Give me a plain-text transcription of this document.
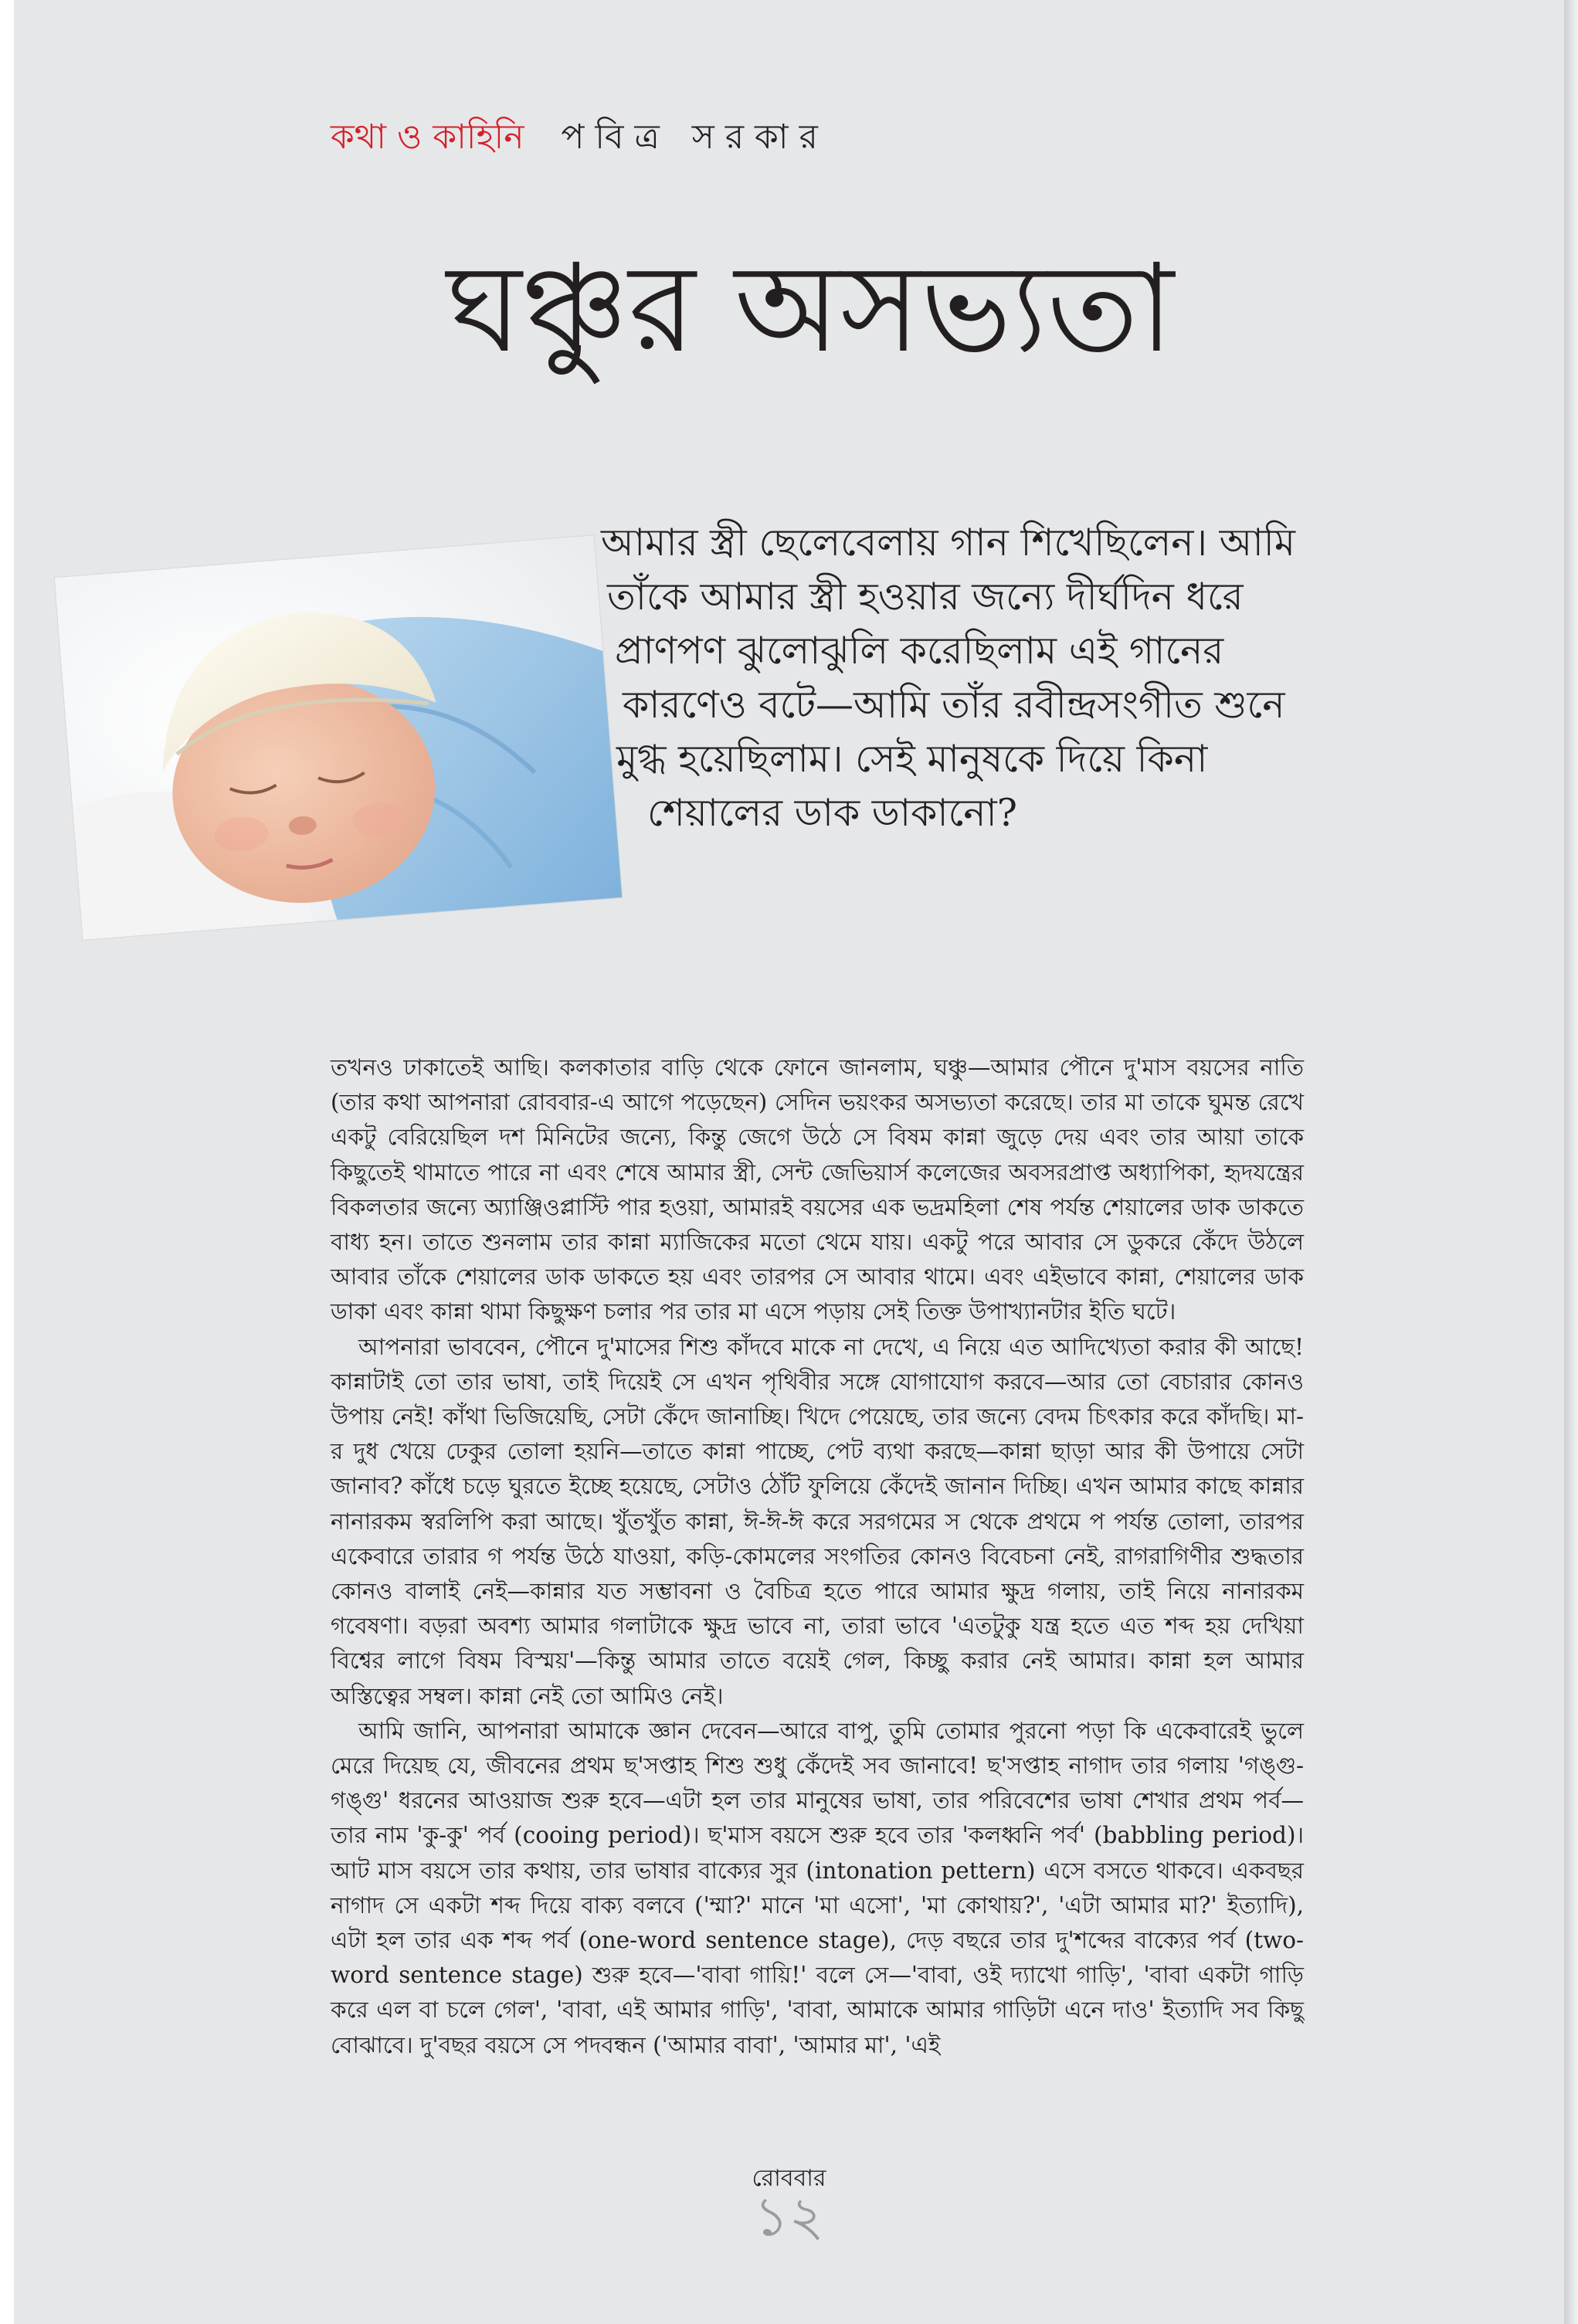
কথা ও কাহিনি পবিত্র সরকার
ঘঞ্চুর অসভ্যতা
আমার স্ত্রী ছেলেবেলায় গান শিখেছিলেন। আমি
তাঁকে আমার স্ত্রী হওয়ার জন্যে দীর্ঘদিন ধরে
প্রাণপণ ঝুলোঝুলি করেছিলাম এই গানের
কারণেও বটে—আমি তাঁর রবীন্দ্রসংগীত শুনে
মুগ্ধ হয়েছিলাম। সেই মানুষকে দিয়ে কিনা
শেয়ালের ডাক ডাকানো?

তখনও ঢাকাতেই আছি। কলকাতার বাড়ি থেকে ফোনে জানলাম, ঘঞ্চু—আমার পৌনে দু'মাস বয়সের নাতি (তার কথা আপনারা রোববার-এ আগে পড়েছেন) সেদিন ভয়ংকর অসভ্যতা করেছে। তার মা তাকে ঘুমন্ত রেখে একটু বেরিয়েছিল দশ মিনিটের জন্যে, কিন্তু জেগে উঠে সে বিষম কান্না জুড়ে দেয় এবং তার আয়া তাকে কিছুতেই থামাতে পারে না এবং শেষে আমার স্ত্রী, সেন্ট জেভিয়ার্স কলেজের অবসরপ্রাপ্ত অধ্যাপিকা, হৃদযন্ত্রের বিকলতার জন্যে অ্যাঞ্জিওপ্লাস্টি পার হওয়া, আমারই বয়সের এক ভদ্রমহিলা শেষ পর্যন্ত শেয়ালের ডাক ডাকতে বাধ্য হন। তাতে শুনলাম তার কান্না ম্যাজিকের মতো থেমে যায়। একটু পরে আবার সে ডুকরে কেঁদে উঠলে আবার তাঁকে শেয়ালের ডাক ডাকতে হয় এবং তারপর সে আবার থামে। এবং এইভাবে কান্না, শেয়ালের ডাক ডাকা এবং কান্না থামা কিছুক্ষণ চলার পর তার মা এসে পড়ায় সেই তিক্ত উপাখ্যানটার ইতি ঘটে।

আপনারা ভাববেন, পৌনে দু'মাসের শিশু কাঁদবে মাকে না দেখে, এ নিয়ে এত আদিখ্যেতা করার কী আছে! কান্নাটাই তো তার ভাষা, তাই দিয়েই সে এখন পৃথিবীর সঙ্গে যোগাযোগ করবে—আর তো বেচারার কোনও উপায় নেই! কাঁথা ভিজিয়েছি, সেটা কেঁদে জানাচ্ছি। খিদে পেয়েছে, তার জন্যে বেদম চিৎকার করে কাঁদছি। মা-র দুধ খেয়ে ঢেকুর তোলা হয়নি—তাতে কান্না পাচ্ছে, পেট ব্যথা করছে—কান্না ছাড়া আর কী উপায়ে সেটা জানাব? কাঁধে চড়ে ঘুরতে ইচ্ছে হয়েছে, সেটাও ঠোঁট ফুলিয়ে কেঁদেই জানান দিচ্ছি। এখন আমার কাছে কান্নার নানারকম স্বরলিপি করা আছে। খুঁতখুঁত কান্না, ঈ-ঈ-ঈ করে সরগমের স থেকে প্রথমে প পর্যন্ত তোলা, তারপর একেবারে তারার গ পর্যন্ত উঠে যাওয়া, কড়ি-কোমলের সংগতির কোনও বিবেচনা নেই, রাগরাগিণীর শুদ্ধতার কোনও বালাই নেই—কান্নার যত সম্ভাবনা ও বৈচিত্র হতে পারে আমার ক্ষুদ্র গলায়, তাই নিয়ে নানারকম গবেষণা। বড়রা অবশ্য আমার গলাটাকে ক্ষুদ্র ভাবে না, তারা ভাবে 'এতটুকু যন্ত্র হতে এত শব্দ হয় দেখিয়া বিশ্বের লাগে বিষম বিস্ময়'—কিন্তু আমার তাতে বয়েই গেল, কিচ্ছু করার নেই আমার। কান্না হল আমার অস্তিত্বের সম্বল। কান্না নেই তো আমিও নেই।

আমি জানি, আপনারা আমাকে জ্ঞান দেবেন—আরে বাপু, তুমি তোমার পুরনো পড়া কি একেবারেই ভুলে মেরে দিয়েছ যে, জীবনের প্রথম ছ'সপ্তাহ শিশু শুধু কেঁদেই সব জানাবে! ছ'সপ্তাহ নাগাদ তার গলায় 'গঙ্গু-গঙ্গু' ধরনের আওয়াজ শুরু হবে—এটা হল তার মানুষের ভাষা, তার পরিবেশের ভাষা শেখার প্রথম পর্ব—তার নাম 'কু-কু' পর্ব (cooing period)। ছ'মাস বয়সে শুরু হবে তার 'কলধ্বনি পর্ব' (babbling period)। আট মাস বয়সে তার কথায়, তার ভাষার বাক্যের সুর (intonation pettern) এসে বসতে থাকবে। একবছর নাগাদ সে একটা শব্দ দিয়ে বাক্য বলবে ('ম্মা?' মানে 'মা এসো', 'মা কোথায়?', 'এটা আমার মা?' ইত্যাদি), এটা হল তার এক শব্দ পর্ব (one-word sentence stage), দেড় বছরে তার দু'শব্দের বাক্যের পর্ব (two-word sentence stage) শুরু হবে—'বাবা গায়ি!' বলে সে—'বাবা, ওই দ্যাখো গাড়ি', 'বাবা একটা গাড়ি করে এল বা চলে গেল', 'বাবা, এই আমার গাড়ি', 'বাবা, আমাকে আমার গাড়িটা এনে দাও' ইত্যাদি সব কিছু বোঝাবে। দু'বছর বয়সে সে পদবন্ধন ('আমার বাবা', 'আমার মা', 'এই

রোববার
১২
